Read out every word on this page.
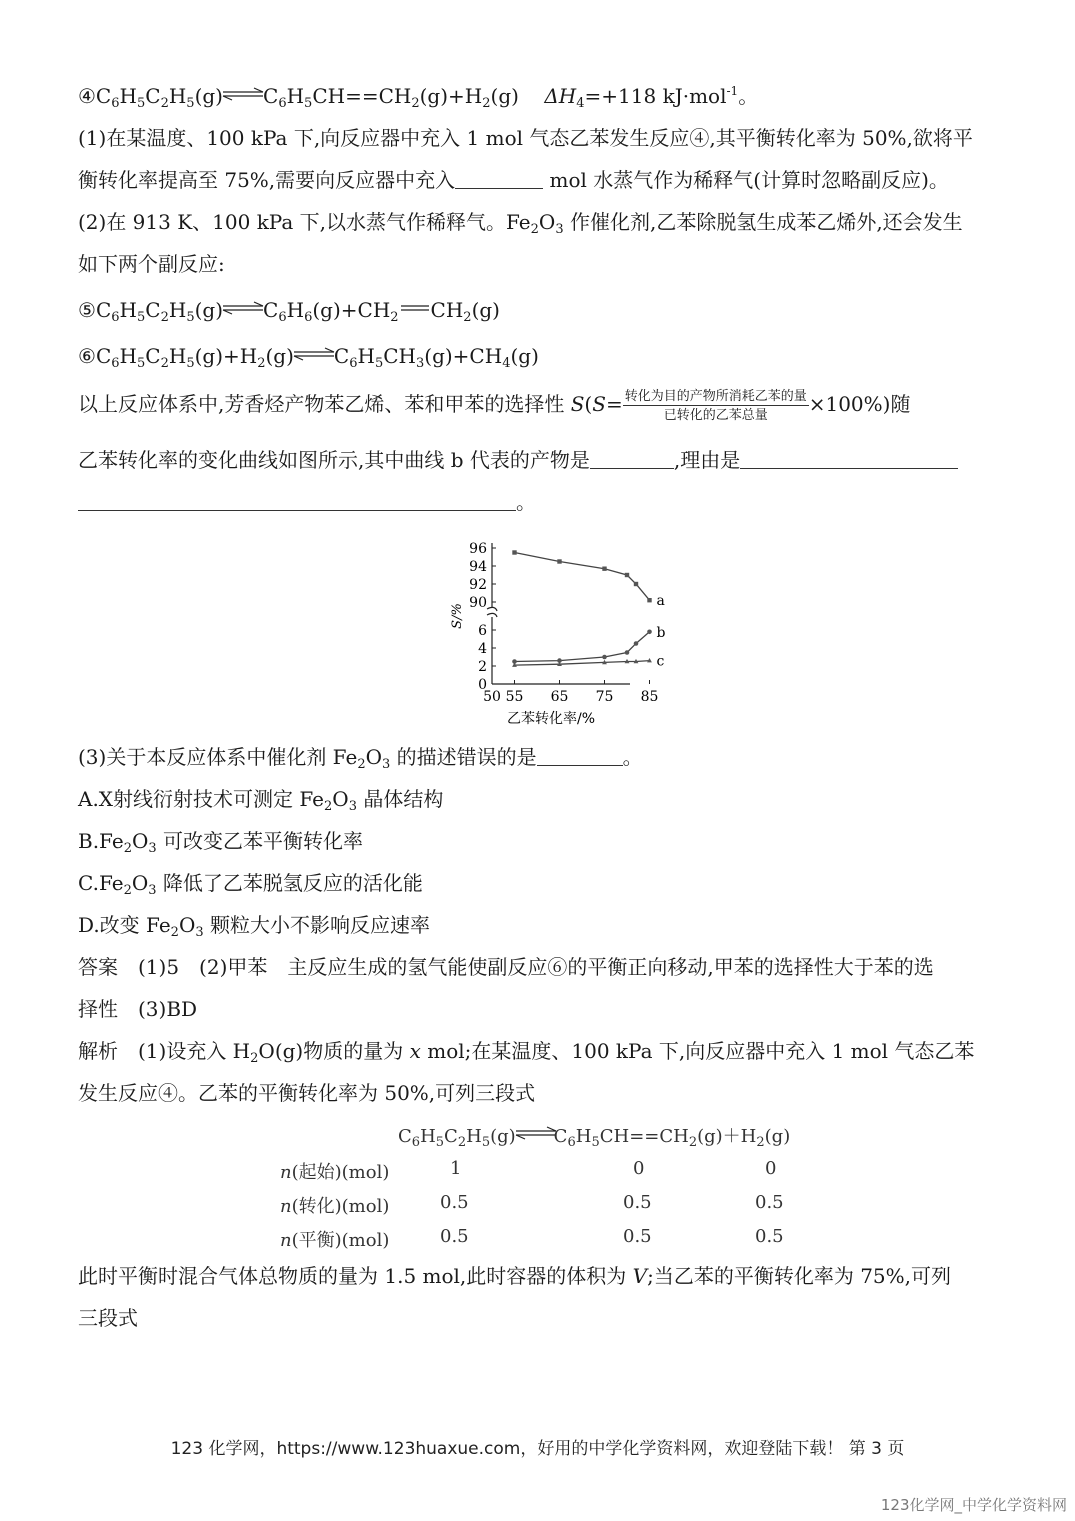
$④C_6H_5C_2H_5(g)$ $C_6H_5CH==CH_2(g)+H_2(g)$    $\Delta H_4=+118$ kJ·mol$^{-1}$。
(1)在某温度、100 kPa 下,向反应器中充入 1 mol 气态乙苯发生反应④,其平衡转化率为 50%,欲将平
衡转化率提高至 75%,需要向反应器中充入	mol 水蒸气作为稀释气(计算时忽略副反应)。
(2)在 913 K、100 kPa 下,以水蒸气作稀释气。$Fe_2O_3$ 作催化剂,乙苯除脱氢生成苯乙烯外,还会发生
如下两个副反应:
$⑤C_6H_5C_2H_5(g)$ $C_6H_6(g)+CH_2$ $CH_2(g)$
$⑥C_6H_5C_2H_5(g)+H_2(g)$ $C_6H_5CH_3(g)+CH_4(g)$
以上反应体系中,芳香烃产物苯乙烯、苯和甲苯的选择性 $S(S= \frac{\text{转化为目的产物所消耗乙苯的量}}{\text{已转化的乙苯总量}} \times 100\%)$随
乙苯转化率的变化曲线如图所示,其中曲线 b 代表的产物是	,理由是
。
90
92
94
96
0
2
4
6
50 55 65 75 85
a
b
c
S/%
乙苯转化率/%
(3)关于本反应体系中催化剂 $Fe_2O_3$ 的描述错误的是	。
A.X射线衍射技术可测定 $Fe_2O_3$ 晶体结构
$B.Fe_2O_3$ 可改变乙苯平衡转化率
$C.Fe_2O_3$ 降低了乙苯脱氢反应的活化能
D.改变 $Fe_2O_3$ 颗粒大小不影响反应速率
答案　(1)5　(2)甲苯　主反应生成的氢气能使副反应⑥的平衡正向移动,甲苯的选择性大于苯的选
择性　(3)BD
解析　(1)设充入 $H_2O(g)$物质的量为 x mol;在某温度、100 kPa 下,向反应器中充入 1 mol 气态乙苯
发生反应④。乙苯的平衡转化率为 50%,可列三段式
$C_6H_5C_2H_5(g)$ $C_6H_5CH==CH_2(g)+H_2(g)$
n(起始)(mol)	1	0	0
n(转化)(mol)	0.5	0.5	0.5
n(平衡)(mol)	0.5	0.5	0.5
此时平衡时混合气体总物质的量为 1.5 mol,此时容器的体积为 V;当乙苯的平衡转化率为 75%,可列
三段式
123 化学网，https://www.123huaxue.com，好用的中学化学资料网，欢迎登陆下载！ 第 3 页
123化学网_中学化学资料网
